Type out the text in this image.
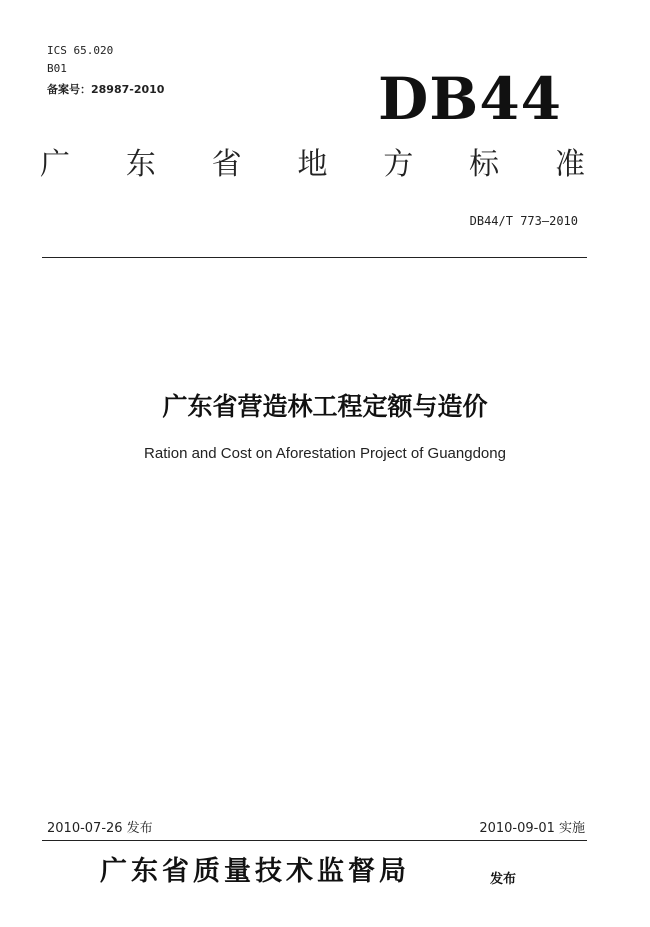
ICS 65.020
B01
备案号：28987-2010	DB44
广 东 省 地 方 标 准
DB44/T 773—2010
广东省营造林工程定额与造价
Ration and Cost on Aforestation Project of Guangdong
2010-07-26 发布	2010-09-01 实施
广东省质量技术监督局	发布
